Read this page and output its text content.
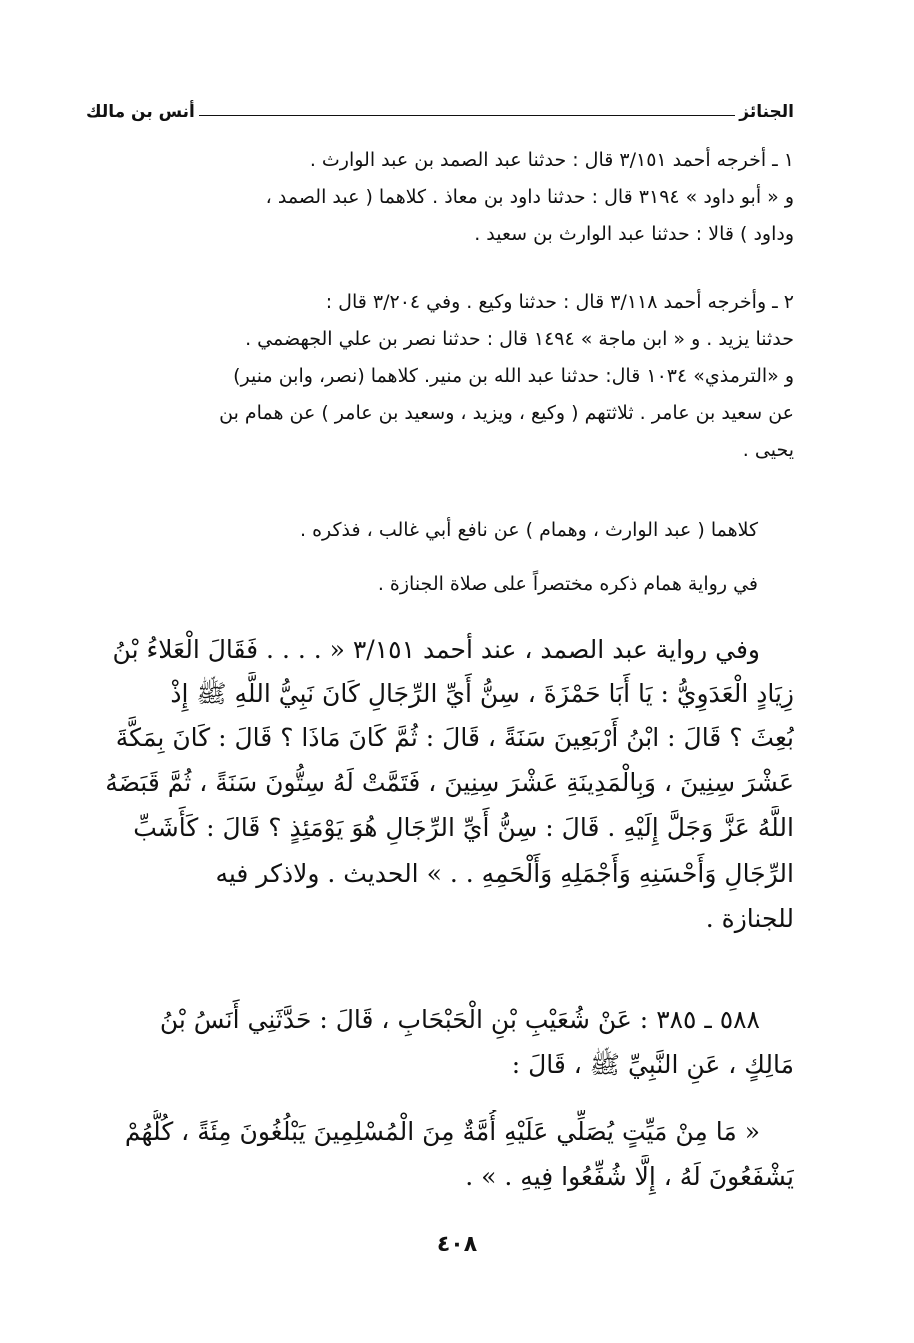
الجنائز
أنس بن مالك
١ ـ أخرجه أحمد ٣/١٥١ قال : حدثنا عبد الصمد بن عبد الوارث .
و « أبو داود » ٣١٩٤ قال : حدثنا داود بن معاذ . كلاهما ( عبد الصمد ،
وداود ) قالا : حدثنا عبد الوارث بن سعيد .
٢ ـ وأخرجه أحمد ٣/١١٨ قال : حدثنا وكيع . وفي ٣/٢٠٤ قال :
حدثنا يزيد . و « ابن ماجة » ١٤٩٤ قال : حدثنا نصر بن علي الجهضمي .
و «الترمذي» ١٠٣٤ قال: حدثنا عبد الله بن منير. كلاهما (نصر، وابن منير)
عن سعيد بن عامر . ثلاثتهم ( وكيع ، ويزيد ، وسعيد بن عامر ) عن همام بن
يحيى .
كلاهما ( عبد الوارث ، وهمام ) عن نافع أبي غالب ، فذكره .
في رواية همام ذكره مختصراً على صلاة الجنازة .
وفي رواية عبد الصمد ، عند أحمد ٣/١٥١ « . . . . فَقَالَ الْعَلاءُ بْنُ
زِيَادٍ الْعَدَوِيُّ : يَا أَبَا حَمْزَةَ ، سِنُّ أَيِّ الرِّجَالِ كَانَ نَبِيُّ اللَّهِ ﷺ إِذْ
بُعِثَ ؟ قَالَ : ابْنُ أَرْبَعِينَ سَنَةً ، قَالَ : ثُمَّ كَانَ مَاذَا ؟ قَالَ : كَانَ بِمَكَّةَ
عَشْرَ سِنِينَ ، وَبِالْمَدِينَةِ عَشْرَ سِنِينَ ، فَتَمَّتْ لَهُ سِتُّونَ سَنَةً ، ثُمَّ قَبَضَهُ
اللَّهُ عَزَّ وَجَلَّ إِلَيْهِ . قَالَ : سِنُّ أَيِّ الرِّجَالِ هُوَ يَوْمَئِذٍ ؟ قَالَ : كَأَشَبِّ
الرِّجَالِ وَأَحْسَنِهِ وَأَجْمَلِهِ وَأَلْحَمِهِ . . » الحديث . ولاذكر فيه
للجنازة .
٥٨٨ ـ ٣٨٥ : عَنْ شُعَيْبِ بْنِ الْحَبْحَابِ ، قَالَ : حَدَّثَنِي أَنَسُ بْنُ
مَالِكٍ ، عَنِ النَّبِيِّ ﷺ ، قَالَ :
« مَا مِنْ مَيِّتٍ يُصَلِّي عَلَيْهِ أُمَّةٌ مِنَ الْمُسْلِمِينَ يَبْلُغُونَ مِئَةً ، كُلُّهُمْ
يَشْفَعُونَ لَهُ ، إِلَّا شُفِّعُوا فِيهِ . » .
٤٠٨
